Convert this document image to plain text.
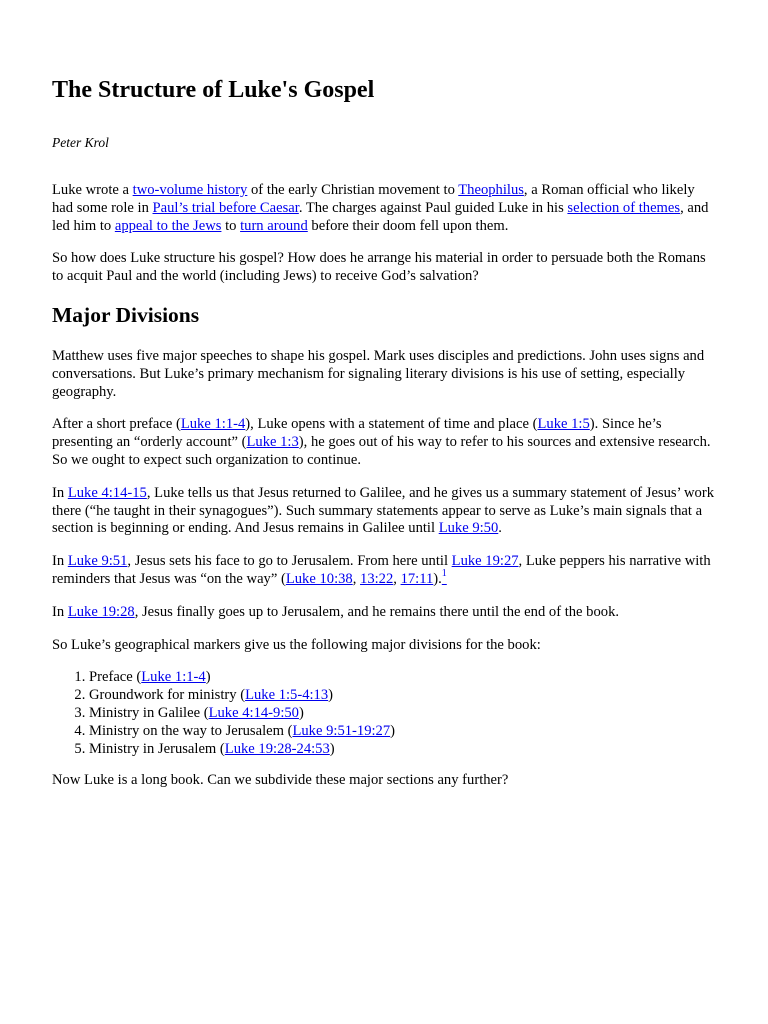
The Structure of Luke's Gospel
Peter Krol

Luke wrote a two-volume history of the early Christian movement to Theophilus, a Roman official who likely had some role in Paul’s trial before Caesar. The charges against Paul guided Luke in his selection of themes, and led him to appeal to the Jews to turn around before their doom fell upon them.

So how does Luke structure his gospel? How does he arrange his material in order to persuade both the Romans to acquit Paul and the world (including Jews) to receive God’s salvation?

Major Divisions

Matthew uses five major speeches to shape his gospel. Mark uses disciples and predictions. John uses signs and conversations. But Luke’s primary mechanism for signaling literary divisions is his use of setting, especially geography.

After a short preface (Luke 1:1-4), Luke opens with a statement of time and place (Luke 1:5). Since he’s presenting an “orderly account” (Luke 1:3), he goes out of his way to refer to his sources and extensive research. So we ought to expect such organization to continue.

In Luke 4:14-15, Luke tells us that Jesus returned to Galilee, and he gives us a summary statement of Jesus’ work there (“he taught in their synagogues”). Such summary statements appear to serve as Luke’s main signals that a section is beginning or ending. And Jesus remains in Galilee until Luke 9:50.

In Luke 9:51, Jesus sets his face to go to Jerusalem. From here until Luke 19:27, Luke peppers his narrative with reminders that Jesus was “on the way” (Luke 10:38, 13:22, 17:11).$^1$

In Luke 19:28, Jesus finally goes up to Jerusalem, and he remains there until the end of the book.

So Luke’s geographical markers give us the following major divisions for the book:

1. Preface (Luke 1:1-4)
2. Groundwork for ministry (Luke 1:5-4:13)
3. Ministry in Galilee (Luke 4:14-9:50)
4. Ministry on the way to Jerusalem (Luke 9:51-19:27)
5. Ministry in Jerusalem (Luke 19:28-24:53)

Now Luke is a long book. Can we subdivide these major sections any further?
